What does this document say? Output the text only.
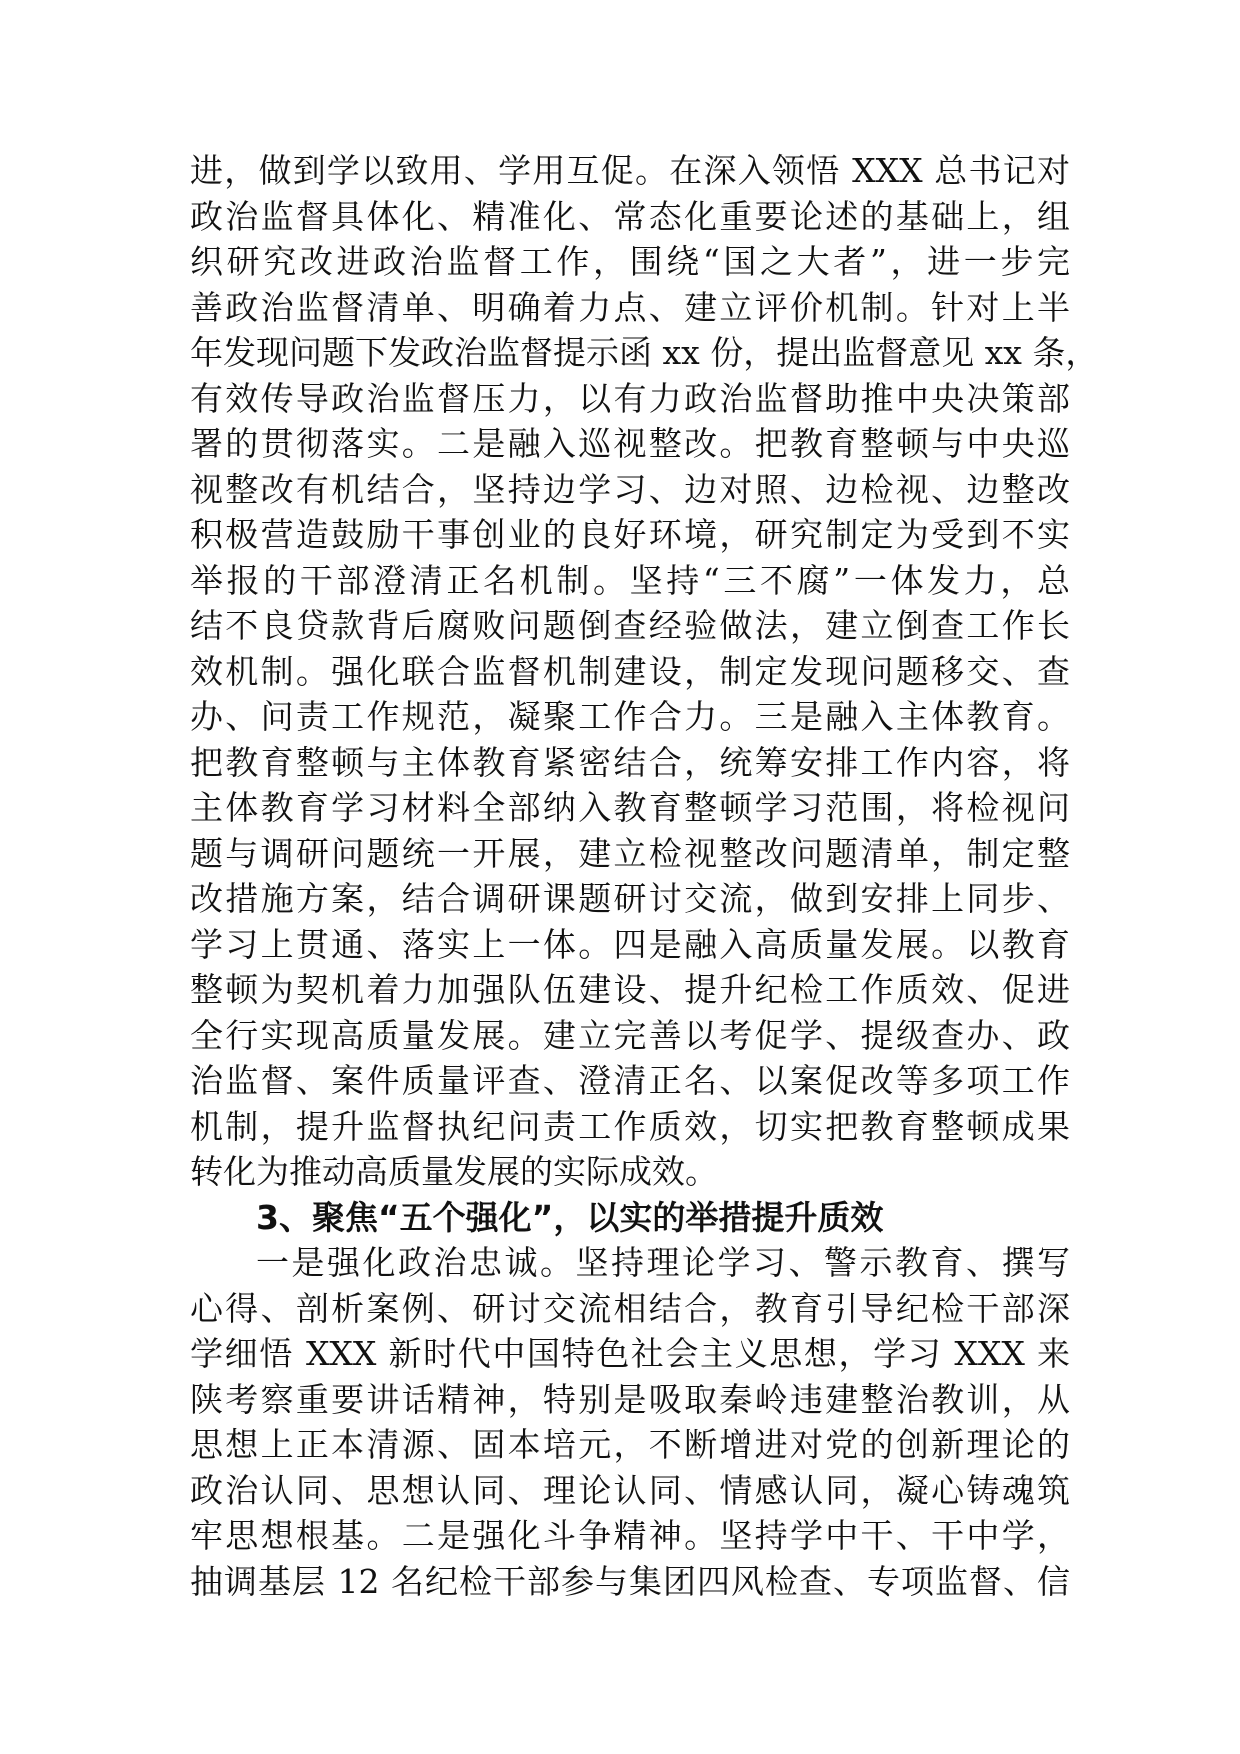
进，做到学以致用、学用互促。在深入领悟 XXX 总书记对
政治监督具体化、精准化、常态化重要论述的基础上，组
织研究改进政治监督工作，围绕“国之大者”，进一步完
善政治监督清单、明确着力点、建立评价机制。针对上半
年发现问题下发政治监督提示函 xx 份，提出监督意见 xx 条，
有效传导政治监督压力，以有力政治监督助推中央决策部
署的贯彻落实。二是融入巡视整改。把教育整顿与中央巡
视整改有机结合，坚持边学习、边对照、边检视、边整改
积极营造鼓励干事创业的良好环境，研究制定为受到不实
举报的干部澄清正名机制。坚持“三不腐”一体发力，总
结不良贷款背后腐败问题倒查经验做法，建立倒查工作长
效机制。强化联合监督机制建设，制定发现问题移交、查
办、问责工作规范，凝聚工作合力。三是融入主体教育。
把教育整顿与主体教育紧密结合，统筹安排工作内容，将
主体教育学习材料全部纳入教育整顿学习范围，将检视问
题与调研问题统一开展，建立检视整改问题清单，制定整
改措施方案，结合调研课题研讨交流，做到安排上同步、
学习上贯通、落实上一体。四是融入高质量发展。以教育
整顿为契机着力加强队伍建设、提升纪检工作质效、促进
全行实现高质量发展。建立完善以考促学、提级查办、政
治监督、案件质量评查、澄清正名、以案促改等多项工作
机制，提升监督执纪问责工作质效，切实把教育整顿成果
转化为推动高质量发展的实际成效。
3、聚焦“五个强化”，以实的举措提升质效
一是强化政治忠诚。坚持理论学习、警示教育、撰写
心得、剖析案例、研讨交流相结合，教育引导纪检干部深
学细悟 XXX 新时代中国特色社会主义思想，学习 XXX 来
陕考察重要讲话精神，特别是吸取秦岭违建整治教训，从
思想上正本清源、固本培元，不断增进对党的创新理论的
政治认同、思想认同、理论认同、情感认同，凝心铸魂筑
牢思想根基。二是强化斗争精神。坚持学中干、干中学，
抽调基层 12 名纪检干部参与集团四风检查、专项监督、信
